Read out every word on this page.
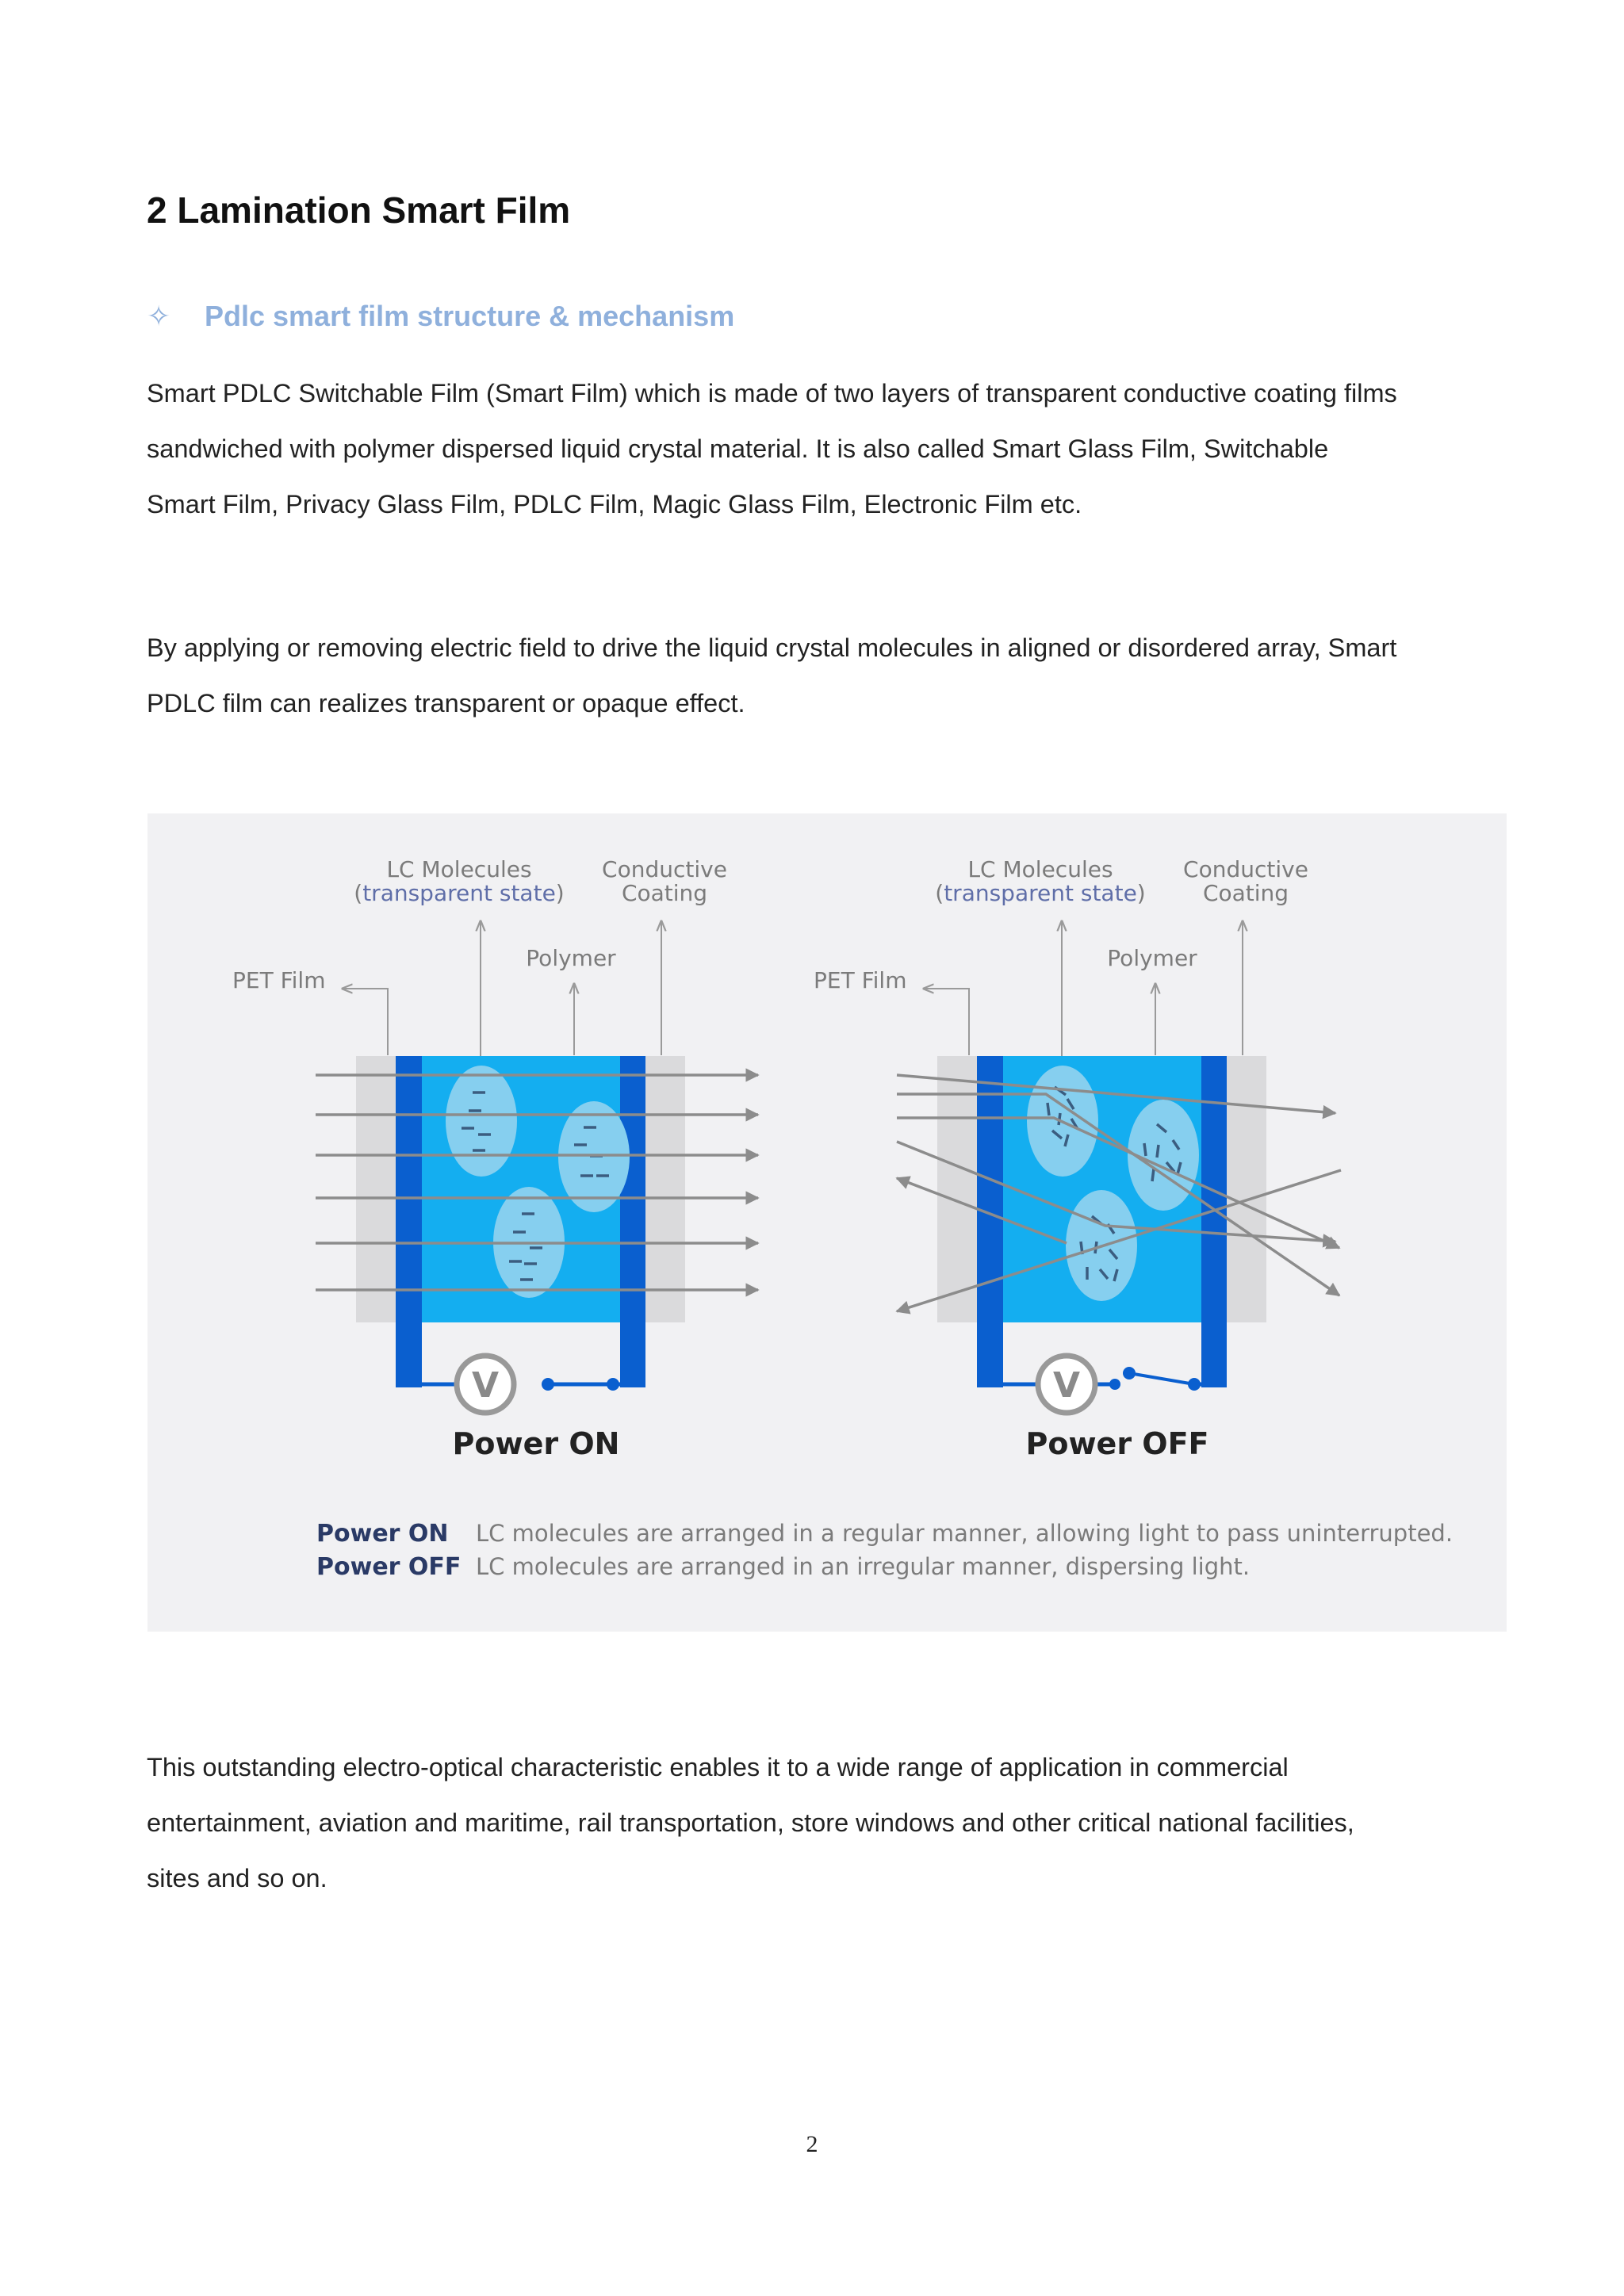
2 Lamination Smart Film
✧	Pdlc smart film structure & mechanism
Smart PDLC Switchable Film (Smart Film) which is made of two layers of transparent conductive coating films
sandwiched with polymer dispersed liquid crystal material. It is also called Smart Glass Film, Switchable
Smart Film, Privacy Glass Film, PDLC Film, Magic Glass Film, Electronic Film etc.
By applying or removing electric field to drive the liquid crystal molecules in aligned or disordered array, Smart
PDLC film can realizes transparent or opaque effect.
LC Molecules
(transparent state)
Conductive
Coating
Polymer
PET Film
V
Power ON
LC Molecules
(transparent state)
Conductive
Coating
Polymer
PET Film
V
Power OFF
Power ON LC molecules are arranged in a regular manner, allowing light to pass uninterrupted.
Power OFF LC molecules are arranged in an irregular manner, dispersing light.
This outstanding electro-optical characteristic enables it to a wide range of application in commercial
entertainment, aviation and maritime, rail transportation, store windows and other critical national facilities,
sites and so on.
2
